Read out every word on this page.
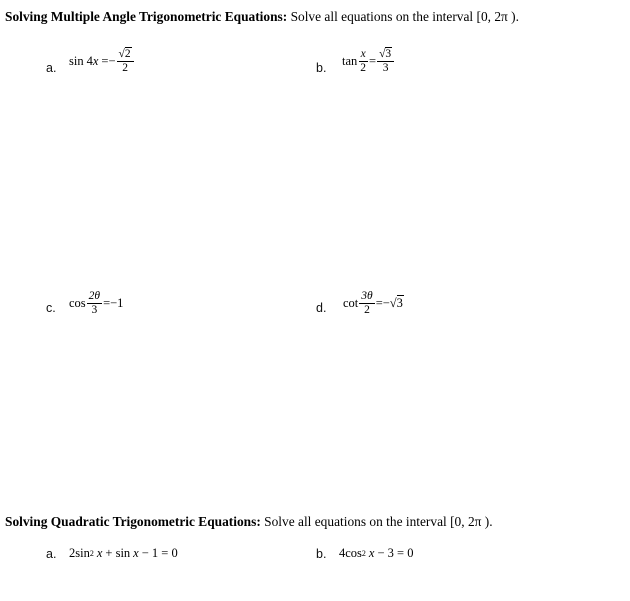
Solving Multiple Angle Trigonometric Equations: Solve all equations on the interval [0, 2π ).
a. sin 4 x = − $\frac{√2}{2}$	b. $\tan \frac{x}{2} = \frac{√3}{3}$
c. $\cos \frac{2\theta}{3} =-1$	d. $\cot \frac{3\theta}{2} =- √3$
Solving Quadratic Trigonometric Equations: Solve all equations on the interval [0, 2π ).
a. 2sin 2 x + sin x − 1 = 0	b. 4cos 2 x − 3 = 0
